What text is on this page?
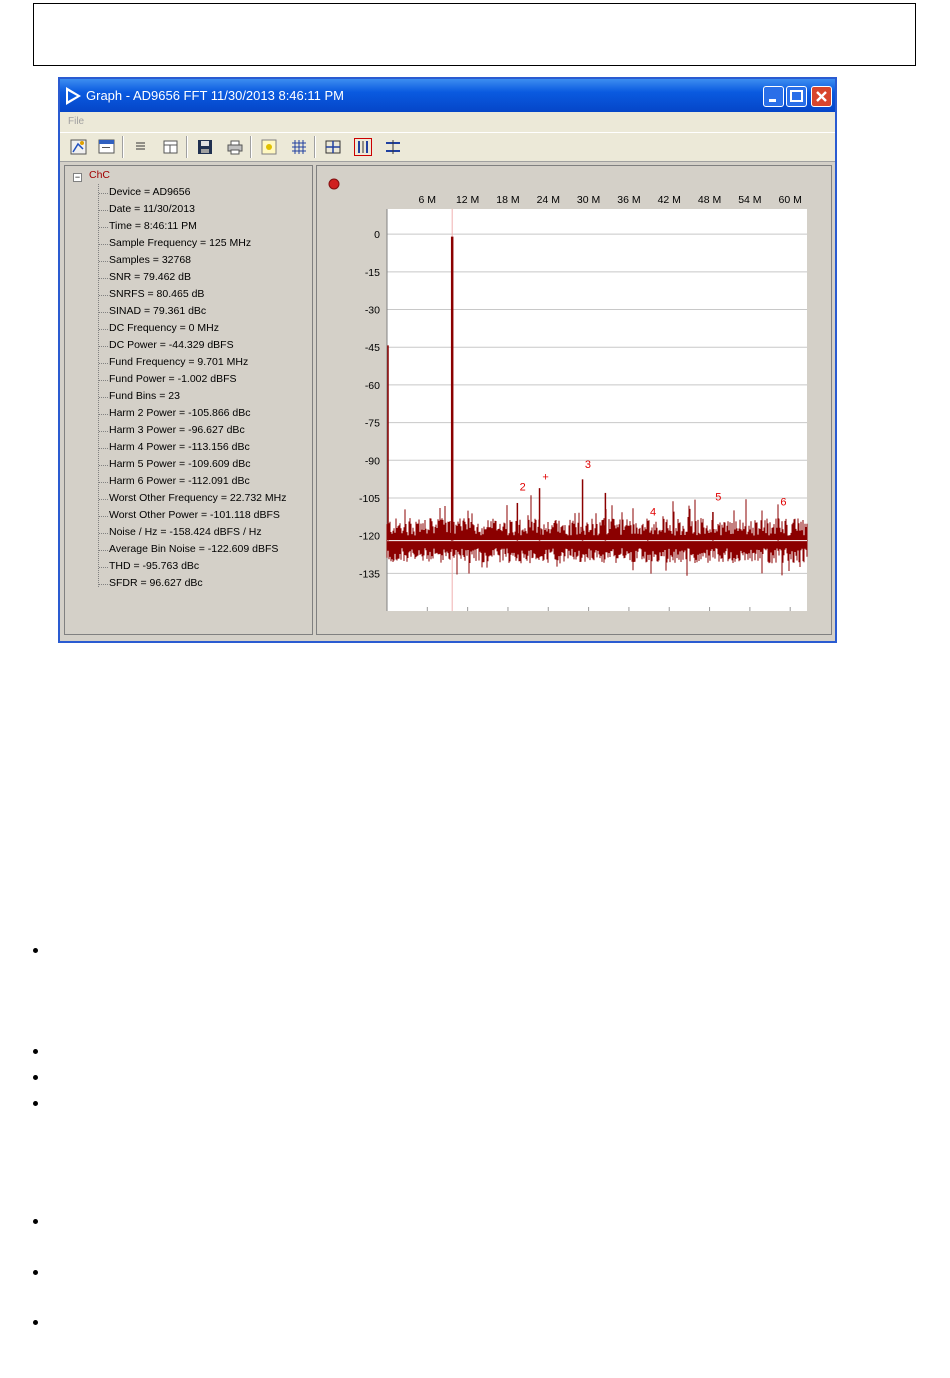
Graph - AD9656 FFT 11/30/2013 8:46:11 PM
File
− ChC
Device = AD9656
Date = 11/30/2013
Time = 8:46:11 PM
Sample Frequency = 125 MHz
Samples = 32768
SNR = 79.462 dB
SNRFS = 80.465 dB
SINAD = 79.361 dBc
DC Frequency = 0 MHz
DC Power = -44.329 dBFS
Fund Frequency = 9.701 MHz
Fund Power = -1.002 dBFS
Fund Bins = 23
Harm 2 Power = -105.866 dBc
Harm 3 Power = -96.627 dBc
Harm 4 Power = -113.156 dBc
Harm 5 Power = -109.609 dBc
Harm 6 Power = -112.091 dBc
Worst Other Frequency = 22.732 MHz
Worst Other Power = -101.118 dBFS
Noise / Hz = -158.424 dBFS / Hz
Average Bin Noise = -122.609 dBFS
THD = -95.763 dBc
SFDR = 96.627 dBc
6 M 12 M 18 M 24 M 30 M 36 M 42 M 48 M 54 M 60 M
0
-15
-30
-45
-60
-75
-90
-105
-120
-135
2
+
3
4
5	6
